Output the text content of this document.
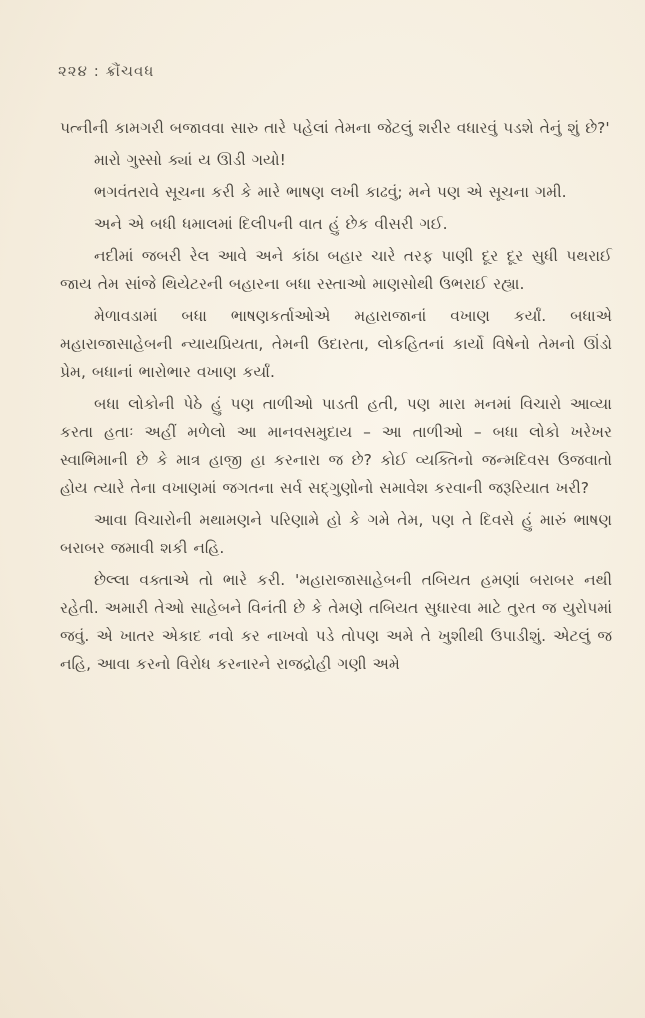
૨૨૪ : ક્રૌંચવધ

પત્નીની કામગરી બજાવવા સારુ તારે પહેલાં તેમના જેટલું શરીર વધારવું પડશે તેનું શું છે?'

મારો ગુસ્સો ક્યાં ય ઊડી ગયો!

ભગવંતરાવે સૂચના કરી કે મારે ભાષણ લખી કાઢવું; મને પણ એ સૂચના ગમી.

અને એ બધી ધમાલમાં દિલીપની વાત હું છેક વીસરી ગઈ.

નદીમાં જબરી રેલ આવે અને કાંઠા બહાર ચારે તરફ પાણી દૂર દૂર સુધી પથરાઈ જાય તેમ સાંજે થિયેટરની બહારના બધા રસ્તાઓ માણસોથી ઉભરાઈ રહ્યા.

મેળાવડામાં બધા ભાષણકર્તાઓએ મહારાજાનાં વખાણ કર્યાં. બધાએ મહારાજાસાહેબની ન્યાયપ્રિયતા, તેમની ઉદારતા, લોકહિતનાં કાર્યો વિષેનો તેમનો ઊંડો પ્રેમ, બધાનાં ભારોભાર વખાણ કર્યાં.

બધા લોકોની પેઠે હું પણ તાળીઓ પાડતી હતી, પણ મારા મનમાં વિચારો આવ્યા કરતા હતાઃ અહીં મળેલો આ માનવસમુદાય – આ તાળીઓ – બધા લોકો ખરેખર સ્વાભિમાની છે કે માત્ર હાજી હા કરનારા જ છે? કોઈ વ્યક્તિનો જન્મદિવસ ઉજવાતો હોય ત્યારે તેના વખાણમાં જગતના સર્વ સદ્‌ગુણોનો સમાવેશ કરવાની જરૂરિયાત ખરી?

આવા વિચારોની મથામણને પરિણામે હો કે ગમે તેમ, પણ તે દિવસે હું મારું ભાષણ બરાબર જમાવી શકી નહિ.

છેલ્લા વક્તાએ તો ભારે કરી. 'મહારાજાસાહેબની તબિયત હમણાં બરાબર નથી રહેતી. અમારી તેઓ સાહેબને વિનંતી છે કે તેમણે તબિયત સુધારવા માટે તુરત જ યુરોપમાં જવું. એ ખાતર એકાદ નવો કર નાખવો પડે તોપણ અમે તે ખુશીથી ઉપાડીશું. એટલું જ નહિ, આવા કરનો વિરોધ કરનારને રાજદ્રોહી ગણી અમે
